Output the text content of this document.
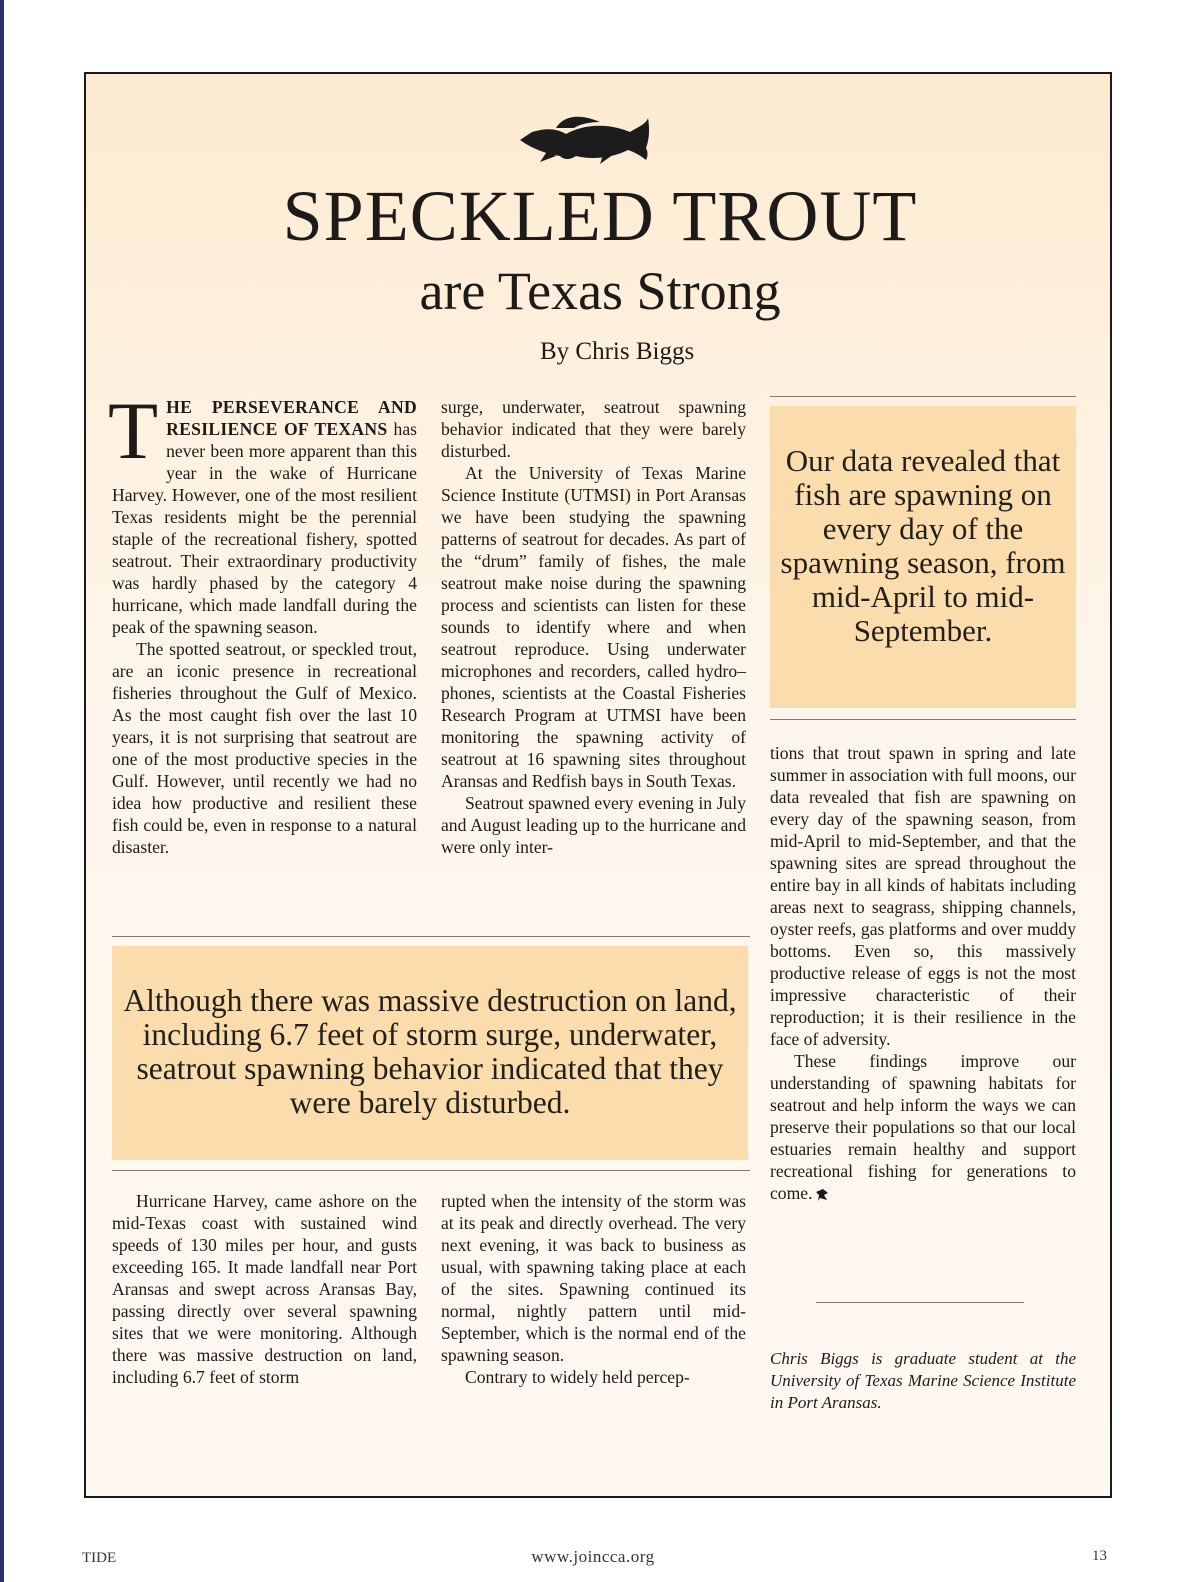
SPECKLED TROUT
are Texas Strong
By Chris Biggs

T HE PERSEVERANCE AND RESILIENCE OF TEXANS has never been more apparent than this year in the wake of Hurricane Harvey. However, one of the most resilient Texas residents might be the perennial staple of the recreational fishery, spotted seatrout. Their extraordinary productivity was hardly phased by the category 4 hurricane, which made landfall during the peak of the spawning season.

The spotted seatrout, or speckled trout, are an iconic presence in recreational fisheries throughout the Gulf of Mexico. As the most caught fish over the last 10 years, it is not surprising that seatrout are one of the most productive species in the Gulf. However, until recently we had no idea how productive and resilient these fish could be, even in response to a natural disaster.

surge, underwater, seatrout spawning behavior indicated that they were barely disturbed.

At the University of Texas Marine Science Institute (UTMSI) in Port Aransas we have been studying the spawning patterns of seatrout for decades. As part of the “drum” family of fishes, the male seatrout make noise during the spawning process and scientists can listen for these sounds to identify where and when seatrout reproduce. Using underwater microphones and recorders, called hydro–phones, scientists at the Coastal Fisheries Research Program at UTMSI have been monitoring the spawning activity of seatrout at 16 spawning sites throughout Aransas and Redfish bays in South Texas.

Seatrout spawned every evening in July and August leading up to the hurricane and were only inter-

Our data revealed that fish are spawning on every day of the spawning season, from mid-April to mid-September.

tions that trout spawn in spring and late summer in association with full moons, our data revealed that fish are spawning on every day of the spawning season, from mid-April to mid-September, and that the spawning sites are spread throughout the entire bay in all kinds of habitats including areas next to seagrass, shipping channels, oyster reefs, gas platforms and over muddy bottoms. Even so, this massively productive release of eggs is not the most impressive characteristic of their reproduction; it is their resilience in the face of adversity.

These findings improve our understanding of spawning habitats for seatrout and help inform the ways we can preserve their populations so that our local estuaries remain healthy and support recreational fishing for generations to come.

Chris Biggs is graduate student at the University of Texas Marine Science Institute in Port Aransas.
Although there was massive destruction on land, including 6.7 feet of storm surge, underwater, seatrout spawning behavior indicated that they were barely disturbed.

Hurricane Harvey, came ashore on the mid-Texas coast with sustained wind speeds of 130 miles per hour, and gusts exceeding 165. It made landfall near Port Aransas and swept across Aransas Bay, passing directly over several spawning sites that we were monitoring. Although there was massive destruction on land, including 6.7 feet of storm

rupted when the intensity of the storm was at its peak and directly overhead. The very next evening, it was back to business as usual, with spawning taking place at each of the sites. Spawning continued its normal, nightly pattern until mid-September, which is the normal end of the spawning season.

Contrary to widely held percep-

TIDE	www.joincca.org	13
